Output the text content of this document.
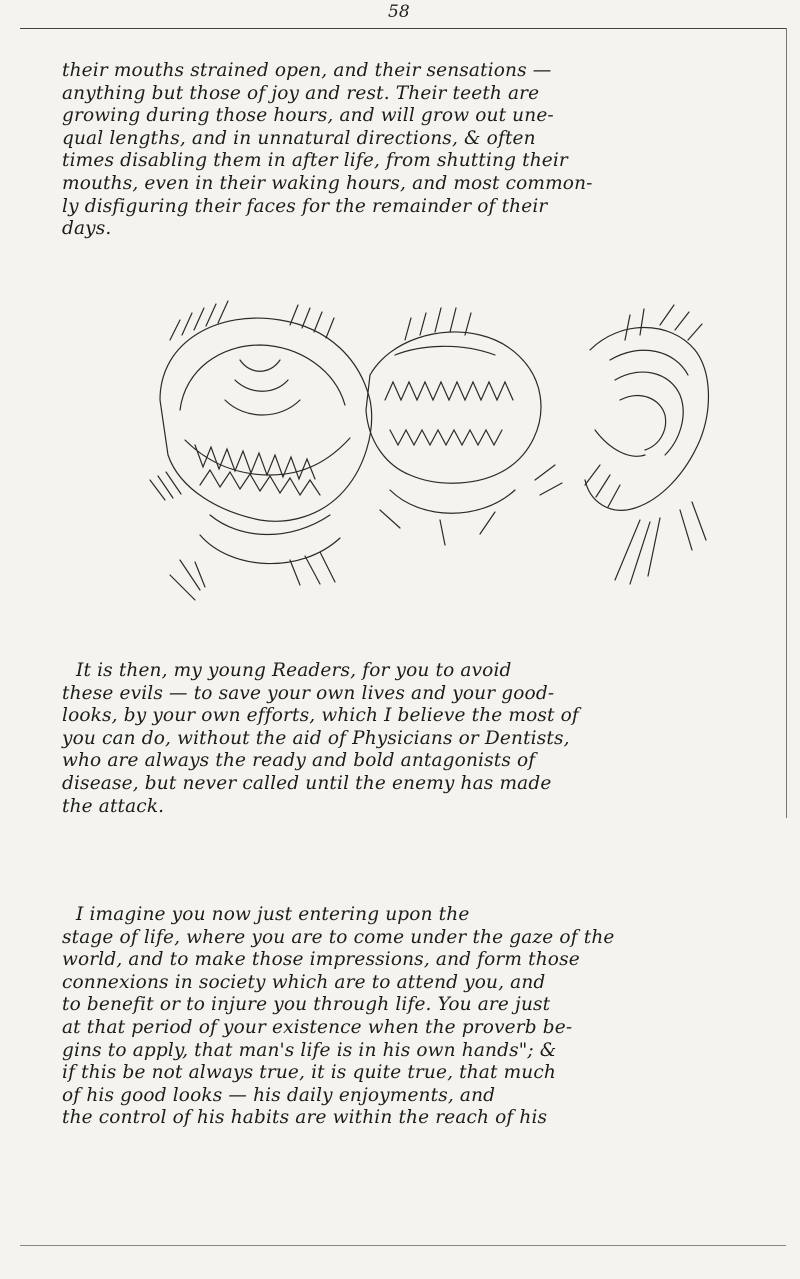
58
their mouths strained open, and their sensations —
anything but those of joy and rest. Their teeth are
growing during those hours, and will grow out une-
qual lengths, and in unnatural directions, & often
times disabling them in after life, from shutting their
mouths, even in their waking hours, and most common-
ly disfiguring their faces for the remainder of their
days.
It is then, my young Readers, for you to avoid
these evils — to save your own lives and your good-
looks, by your own efforts, which I believe the most of
you can do, without the aid of Physicians or Dentists,
who are always the ready and bold antagonists of
disease, but never called until the enemy has made
the attack.
I imagine you now just entering upon the
stage of life, where you are to come under the gaze of the
world, and to make those impressions, and form those
connexions in society which are to attend you, and
to benefit or to injure you through life. You are just
at that period of your existence when the proverb be-
gins to apply, that man's life is in his own hands"; &
if this be not always true, it is quite true, that much
of his good looks — his daily enjoyments, and
the control of his habits are within the reach of his
